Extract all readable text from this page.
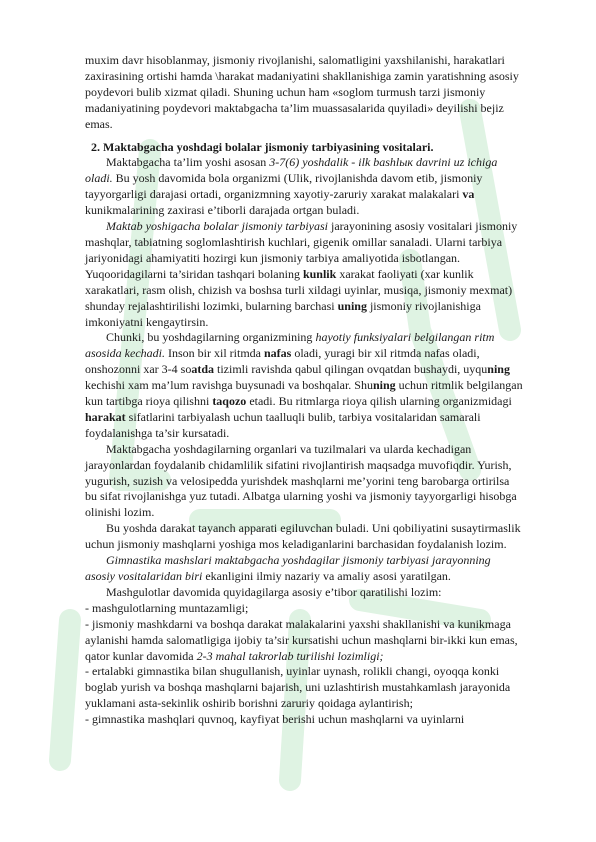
muxim davr hisoblanmay, jismoniy rivojlanishi, salomatligini yaxshilanishi, harakatlari zaxirasining ortishi hamda \harakat madaniyatini shakllanishiga zamin yaratishning asosiy poydevori bulib xizmat qiladi. Shuning uchun ham «soglom turmush tarzi jismoniy madaniyatining poydevori maktabgacha ta’lim muassasalarida quyiladi» deyilishi bejiz emas.

2. Maktabgacha yoshdagi bolalar jismoniy tarbiyasining vositalari.

Maktabgacha ta’lim yoshi asosan 3-7(6) yoshdalik - ilk bashlык davrini uz ichiga oladi. Bu yosh davomida bola organizmi (Ulik, rivojlanishda davom etib, jismoniy tayyorgarligi darajasi ortadi, organizmning xayotiy-zaruriy xarakat malakalari va kunikmalarining zaxirasi e’tiborli darajada ortgan buladi.

Maktab yoshigacha bolalar jismoniy tarbiyasi jarayonining asosiy vositalari jismoniy mashqlar, tabiatning soglomlashtirish kuchlari, gigenik omillar sanaladi. Ularni tarbiya jariyonidagi ahamiyatiti hozirgi kun jismoniy tarbiya amaliyotida isbotlangan. Yuqooridagilarni ta’siridan tashqari bolaning kunlik xarakat faoliyati (xar kunlik xarakatlari, rasm olish, chizish va boshsa turli xildagi uyinlar, musiqa, jismoniy mexmat) shunday rejalashtirilishi lozimki, bularning barchasi uning jismoniy rivojlanishiga imkoniyatni kengaytirsin.

Chunki, bu yoshdagilarning organizmining hayotiy funksiyalari belgilangan ritm asosida kechadi. Inson bir xil ritmda nafas oladi, yuragi bir xil ritmda nafas oladi, onshozonni xar 3-4 soatda tizimli ravishda qabul qilingan ovqatdan bushaydi, uyquning kechishi xam ma’lum ravishga buysunadi va boshqalar. Shuning uchun ritmlik belgilangan kun tartibga rioya qilishni taqozo etadi. Bu ritmlarga rioya qilish ularning organizmidagi harakat sifatlarini tarbiyalash uchun taalluqli bulib, tarbiya vositalaridan samarali foydalanishga ta’sir kursatadi.

Maktabgacha yoshdagilarning organlari va tuzilmalari va ularda kechadigan jarayonlardan foydalanib chidamlilik sifatini rivojlantirish maqsadga muvofiqdir. Yurish, yugurish, suzish va velosipedda yurishdek mashqlarni me’yorini teng barobarga ortirilsa bu sifat rivojlanishga yuz tutadi. Albatga ularning yoshi va jismoniy tayyorgarligi hisobga olinishi lozim.

Bu yoshda darakat tayanch apparati egiluvchan buladi. Uni qobiliyatini susaytirmaslik uchun jismoniy mashqlarni yoshiga mos keladiganlarini barchasidan foydalanish lozim.

Gimnastika mashslari maktabgacha yoshdagilar jismoniy tarbiyasi jarayonning asosiy vositalaridan biri ekanligini ilmiy nazariy va amaliy asosi yaratilgan.

Mashgulotlar davomida quyidagilarga asosiy e’tibor qaratilishi lozim:

- mashgulotlarning muntazamligi;

- jismoniy mashkdarni va boshqa darakat malakalarini yaxshi shakllanishi va kunikmaga aylanishi hamda salomatligiga ijobiy ta’sir kursatishi uchun mashqlarni bir-ikki kun emas, qator kunlar davomida 2-3 mahal takrorlab turilishi lozimligi;

- ertalabki gimnastika bilan shugullanish, uyinlar uynash, rolikli changi, oyoqqa konki boglab yurish va boshqa mashqlarni bajarish, uni uzlashtirish mustahkamlash jarayonida yuklamani asta-sekinlik oshirib borishni zaruriy qoidaga aylantirish;

- gimnastika mashqlari quvnoq, kayfiyat berishi uchun mashqlarni va uyinlarni
